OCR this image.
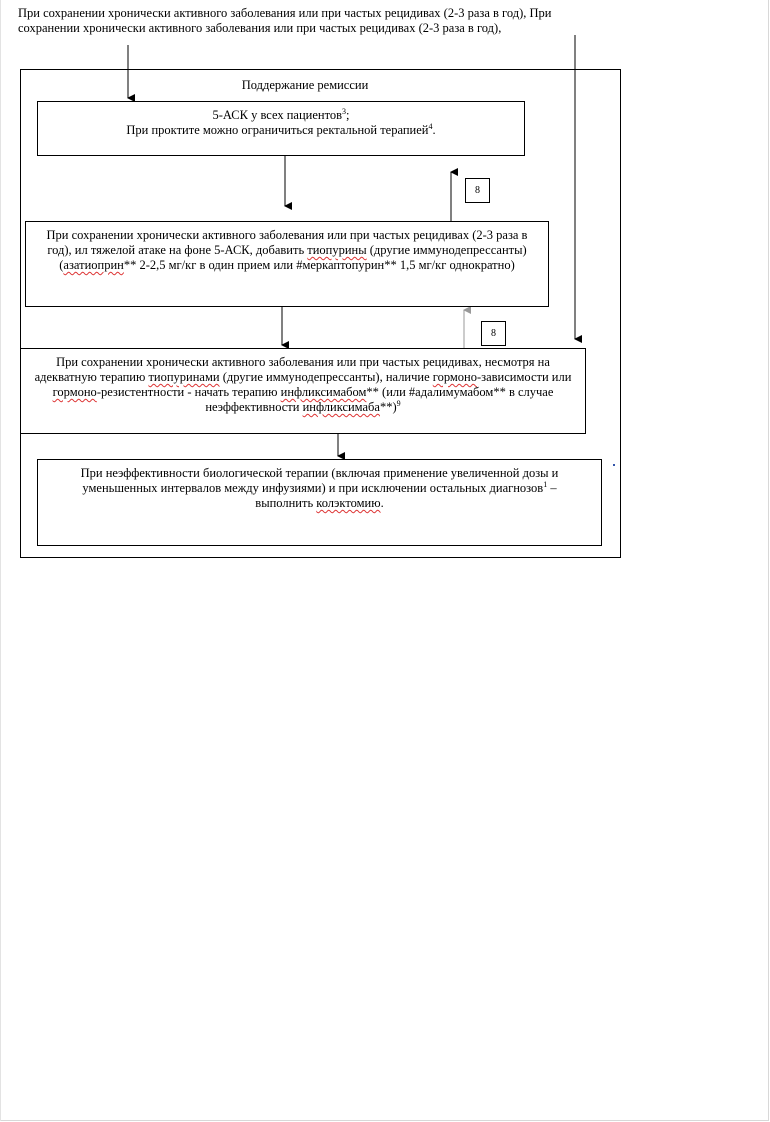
При сохранении хронически активного заболевания или при частых рецидивах (2-3 раза в год), При сохранении хронически активного заболевания или при частых рецидивах (2-3 раза в год),
Поддержание ремиссии
5-АСК у всех пациентов$^3$;
При проктите можно ограничиться ректальной терапией$^4$.
8
При сохранении хронически активного заболевания или при частых рецидивах (2-3 раза в год), ил тяжелой атаке на фоне 5-АСК, добавить тиопурины (другие иммунодепрессанты) (азатиоприн** 2-2,5 мг/кг в один прием или #меркаптопурин** 1,5 мг/кг однократно)
8
При сохранении хронически активного заболевания или при частых рецидивах, несмотря на адекватную терапию тиопуринами (другие иммунодепрессанты), наличие гормоно-зависимости или гормоно-резистентности - начать терапию инфликсимабом** (или #адалимумабом** в случае неэффективности инфликсимаба**)$^9$
При неэффективности биологической терапии (включая применение увеличенной дозы и уменьшенных интервалов между инфузиями) и при исключении остальных диагнозов$^1$ – выполнить колэктомию.
